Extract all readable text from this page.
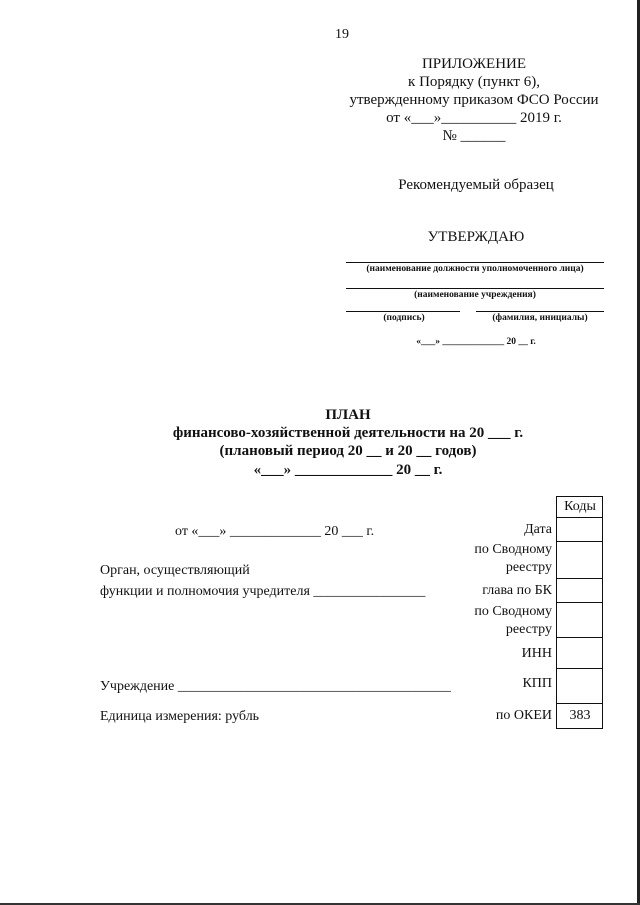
19
ПРИЛОЖЕНИЕ
к Порядку (пункт 6),
утвержденному приказом ФСО России
от «___»__________ 2019 г.
№ ______
Рекомендуемый образец
УТВЕРЖДАЮ
(наименование должности уполномоченного лица)
(наименование учреждения)
(подпись)	(фамилия, инициалы)
«___» _____________ 20 __ г.
ПЛАН
финансово-хозяйственной деятельности на 20 ___ г.
(плановый период 20 __ и 20 __ годов)
«___» _____________ 20 __ г.
от «___» _____________ 20 ___ г.
Орган, осуществляющий
функции и полномочия учредителя ________________
Учреждение _______________________________________
Единица измерения: рубль
Коды
Дата
по Сводному
реестру
глава по БК
по Сводному
реестру
ИНН
КПП
383
по ОКЕИ
